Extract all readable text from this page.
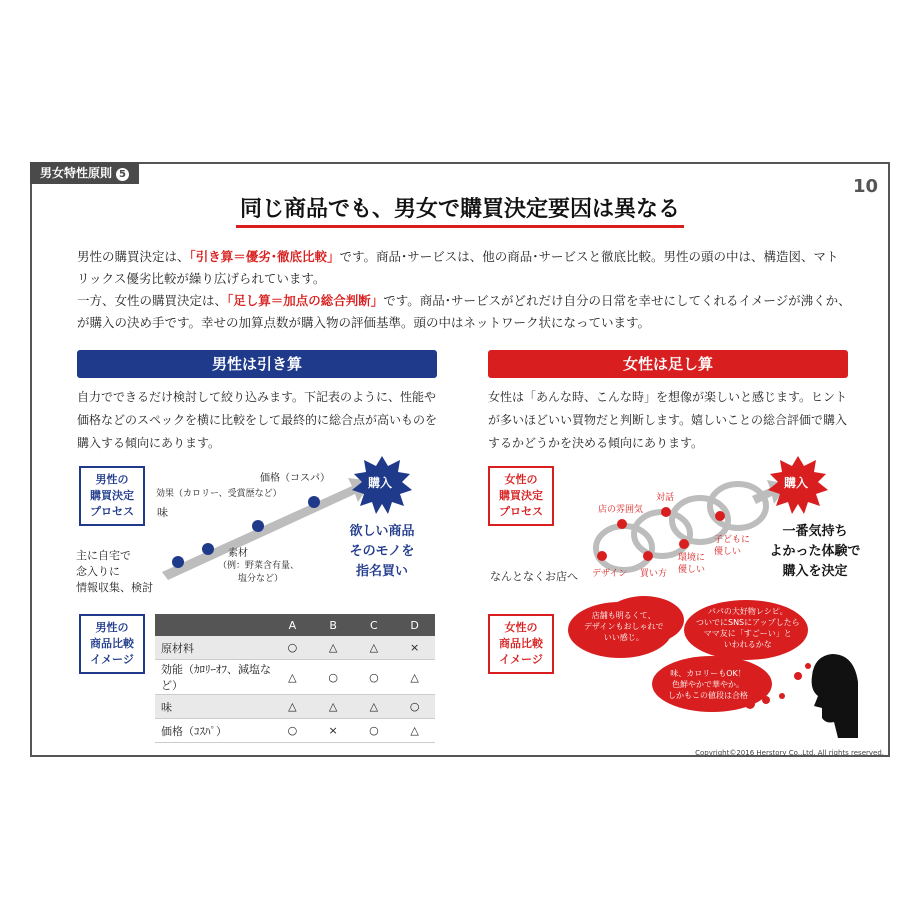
男女特性原則 5
10
同じ商品でも、男女で購買決定要因は異なる

男性の購買決定は、「引き算＝優劣･徹底比較」です。商品･サービスは、他の商品･サービスと徹底比較。男性の頭の中は、構造図、マト

リックス優劣比較が繰り広げられています。

一方、女性の購買決定は、「足し算＝加点の総合判断」です。商品･サービスがどれだけ自分の日常を幸せにしてくれるイメージが沸くか、

が購入の決め手です。幸せの加算点数が購入物の評価基準。頭の中はネットワーク状になっています。

男性は引き算
自力でできるだけ検討して絞り込みます。下記表のように、性能や価格などのスペックを横に比較をして最終的に総合点が高いものを購入する傾向にあります。
男性の
購買決定
プロセス	味
効果（カロリー、受賞歴など）
価格（コスパ）
素材
（例：野菜含有量、
塩分など）
主に自宅で
念入りに
情報収集、検討
購入
欲しい商品
そのモノを
指名買い
男性の
商品比較
イメージ
	A	B	C	D
原材料	○	△	△	×
効能（ｶﾛﾘｰｵﾌ、減塩など）	△	○	○	△
味	△	△	△	○
価格（ｺｽﾊﾟ）	○	×	○	△
女性は足し算
女性は「あんな時、こんな時」を想像が楽しいと感じます。ヒントが多いほどいい買物だと判断します。嬉しいことの総合評価で購入するかどうかを決める傾向にあります。
女性の
購買決定
プロセス	店の雰囲気
対話
子どもに
優しい
デザイン 買い方
環境に
優しい
なんとなくお店へ
購入
一番気持ち
よかった体験で
購入を決定
女性の
商品比較
イメージ
店舗も明るくて、
デザインもおしゃれで
いい感じ。
パパの大好物レシピ。
ついでにSNSにアップしたら
ママ友に「すごーい」と
いわれるかな
味、カロリーもOK！
色鮮やかで華やか。
しかもこの値段は合格
Copyright©2016 Herstory Co.,Ltd. All rights reserved.
